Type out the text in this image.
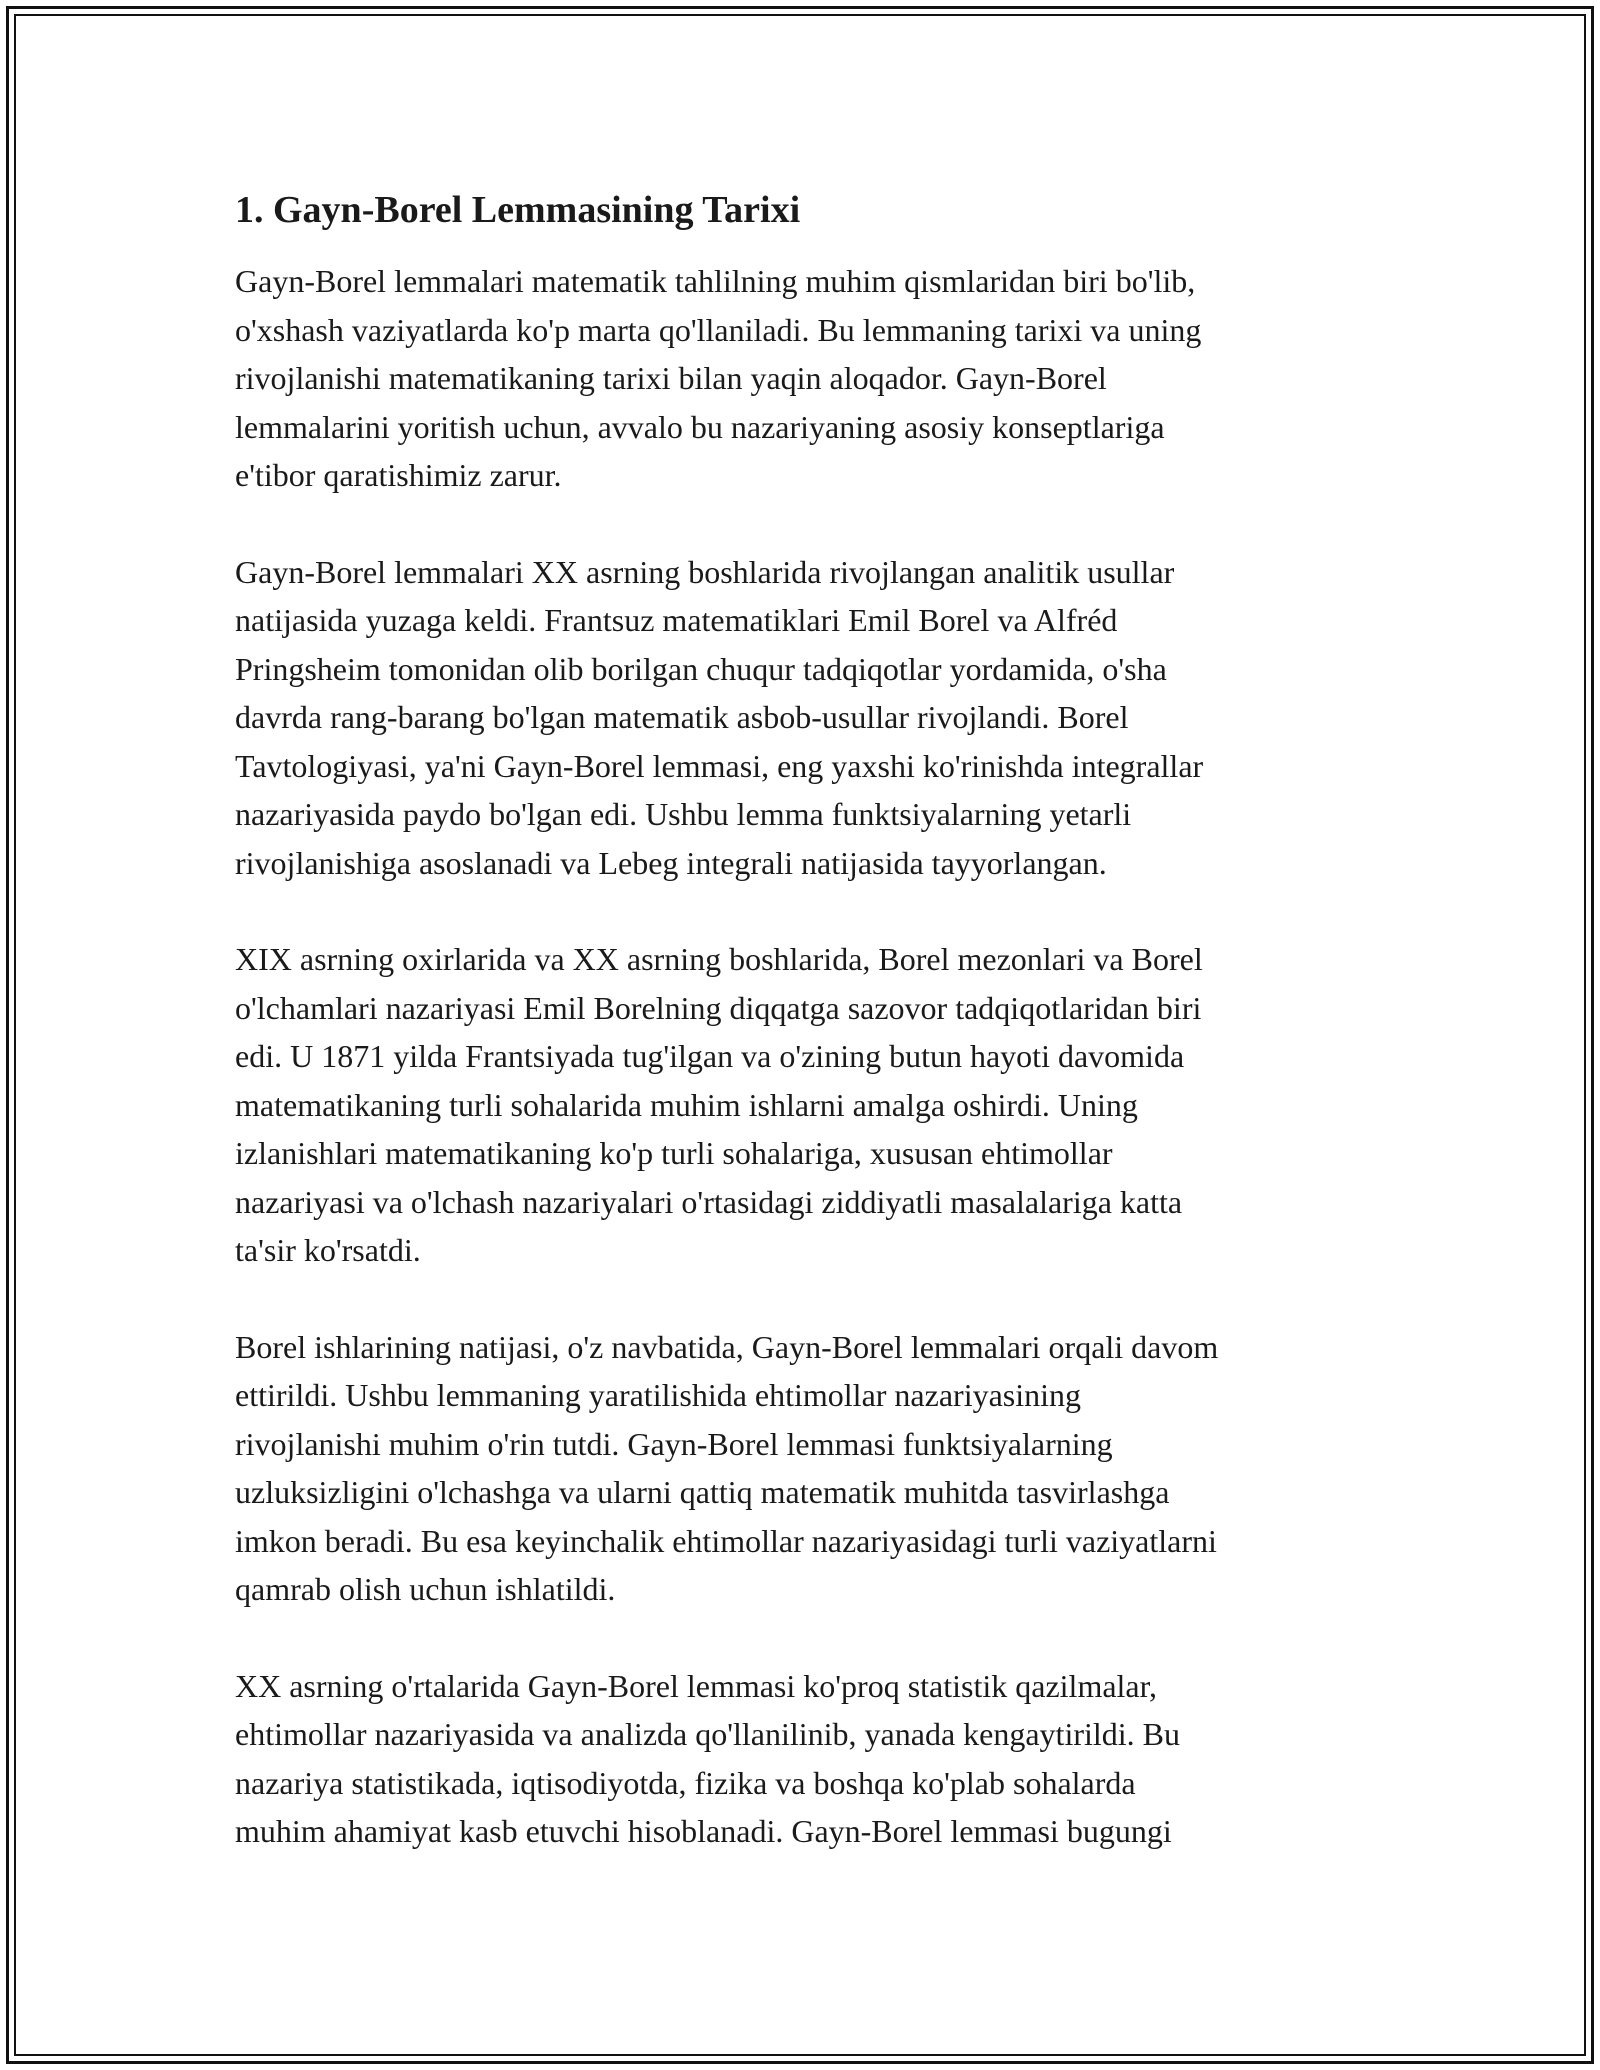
1. Gayn-Borel Lemmasining Tarixi

Gayn-Borel lemmalari matematik tahlilning muhim qismlaridan biri bo'lib,
o'xshash vaziyatlarda ko'p marta qo'llaniladi. Bu lemmaning tarixi va uning
rivojlanishi matematikaning tarixi bilan yaqin aloqador. Gayn-Borel
lemmalarini yoritish uchun, avvalo bu nazariyaning asosiy konseptlariga
e'tibor qaratishimiz zarur.

Gayn-Borel lemmalari XX asrning boshlarida rivojlangan analitik usullar
natijasida yuzaga keldi. Frantsuz matematiklari Emil Borel va Alfréd
Pringsheim tomonidan olib borilgan chuqur tadqiqotlar yordamida, o'sha
davrda rang-barang bo'lgan matematik asbob-usullar rivojlandi. Borel
Tavtologiyasi, ya'ni Gayn-Borel lemmasi, eng yaxshi ko'rinishda integrallar
nazariyasida paydo bo'lgan edi. Ushbu lemma funktsiyalarning yetarli
rivojlanishiga asoslanadi va Lebeg integrali natijasida tayyorlangan.

XIX asrning oxirlarida va XX asrning boshlarida, Borel mezonlari va Borel
o'lchamlari nazariyasi Emil Borelning diqqatga sazovor tadqiqotlaridan biri
edi. U 1871 yilda Frantsiyada tug'ilgan va o'zining butun hayoti davomida
matematikaning turli sohalarida muhim ishlarni amalga oshirdi. Uning
izlanishlari matematikaning ko'p turli sohalariga, xususan ehtimollar
nazariyasi va o'lchash nazariyalari o'rtasidagi ziddiyatli masalalariga katta
ta'sir ko'rsatdi.

Borel ishlarining natijasi, o'z navbatida, Gayn-Borel lemmalari orqali davom
ettirildi. Ushbu lemmaning yaratilishida ehtimollar nazariyasining
rivojlanishi muhim o'rin tutdi. Gayn-Borel lemmasi funktsiyalarning
uzluksizligini o'lchashga va ularni qattiq matematik muhitda tasvirlashga
imkon beradi. Bu esa keyinchalik ehtimollar nazariyasidagi turli vaziyatlarni
qamrab olish uchun ishlatildi.

XX asrning o'rtalarida Gayn-Borel lemmasi ko'proq statistik qazilmalar,
ehtimollar nazariyasida va analizda qo'llanilinib, yanada kengaytirildi. Bu
nazariya statistikada, iqtisodiyotda, fizika va boshqa ko'plab sohalarda
muhim ahamiyat kasb etuvchi hisoblanadi. Gayn-Borel lemmasi bugungi
